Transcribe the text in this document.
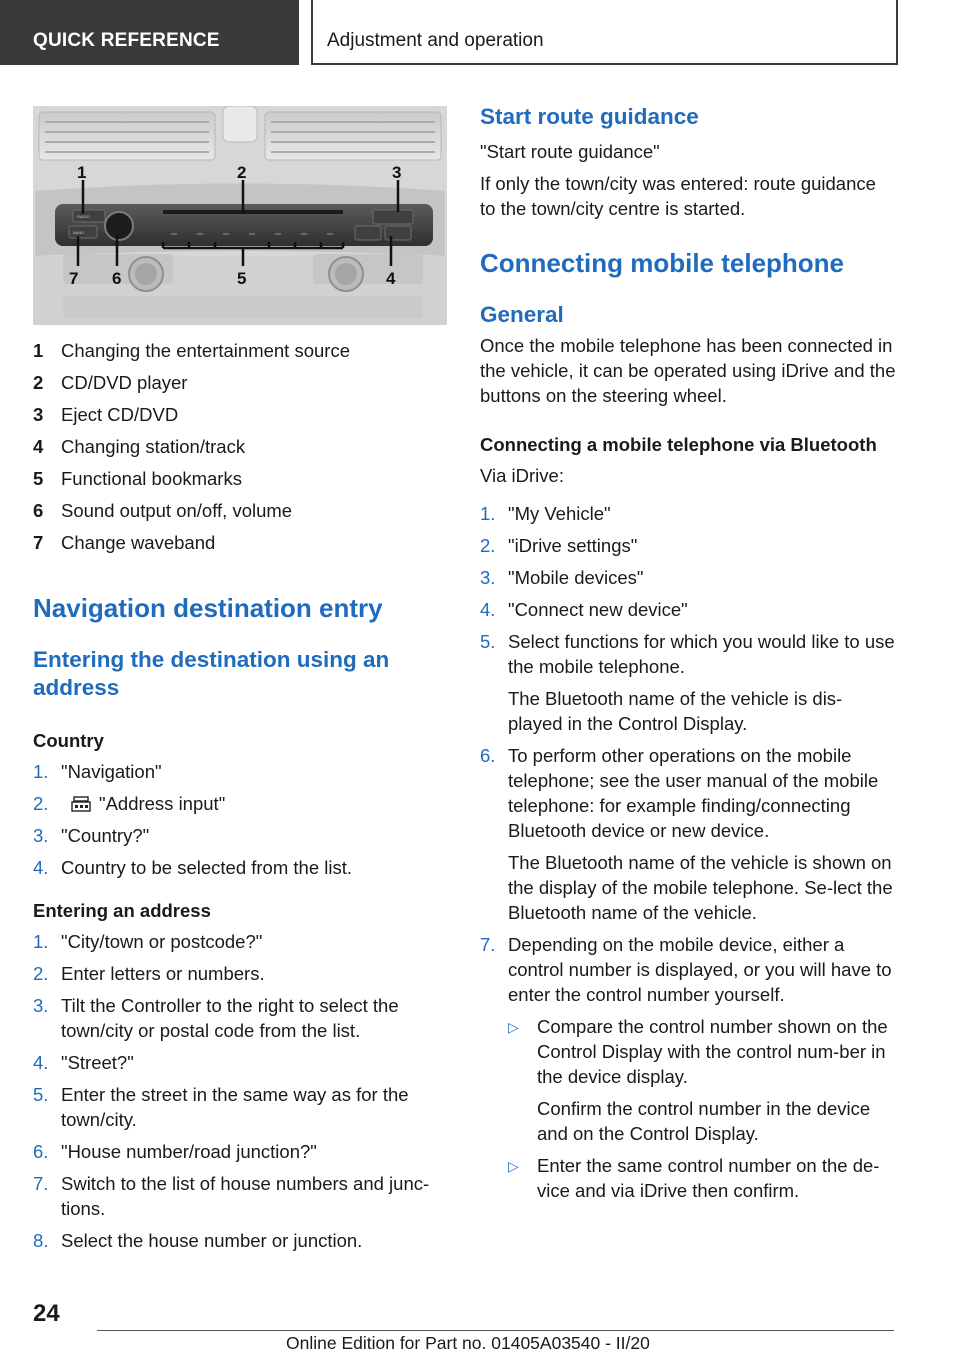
QUICK REFERENCE	Adjustment and operation
RADIO
BAND
1	2	3
4
5
6
7
1 Changing the entertainment source
2 CD/DVD player
3 Eject CD/DVD
4 Changing station/track
5 Functional bookmarks
6 Sound output on/off, volume
7 Change waveband
Navigation destination entry
Entering the destination using an address

Country

1. "Navigation"
2.	"Address input"
3. "Country?"
4. Country to be selected from the list.

Entering an address

1. "City/town or postcode?"
2. Enter letters or numbers.
3. Tilt the Controller to the right to select the town/city or postal code from the list.
4. "Street?"
5. Enter the street in the same way as for the town/city.
6. "House number/road junction?"
7. Switch to the list of house numbers and junc-tions.
8. Select the house number or junction.
Start route guidance

"Start route guidance"

If only the town/city was entered: route guidance to the town/city centre is started.

Connecting mobile telephone
General

Once the mobile telephone has been connected in the vehicle, it can be operated using iDrive and the buttons on the steering wheel.

Connecting a mobile telephone via Bluetooth

Via iDrive:

1. "My Vehicle"
2. "iDrive settings"
3. "Mobile devices"
4. "Connect new device"
5. Select functions for which you would like to use the mobile telephone.

The Bluetooth name of the vehicle is dis-played in the Control Display.

6. To perform other operations on the mobile telephone; see the user manual of the mobile telephone: for example finding/connecting Bluetooth device or new device.

The Bluetooth name of the vehicle is shown on the display of the mobile telephone. Se-lect the Bluetooth name of the vehicle.

7. Depending on the mobile device, either a control number is displayed, or you will have to enter the control number yourself.

▷ Compare the control number shown on the Control Display with the control num-ber in the device display.

Confirm the control number in the device and on the Control Display.

▷ Enter the same control number on the de-vice and via iDrive then confirm.

24
Online Edition for Part no. 01405A03540 - II/20
